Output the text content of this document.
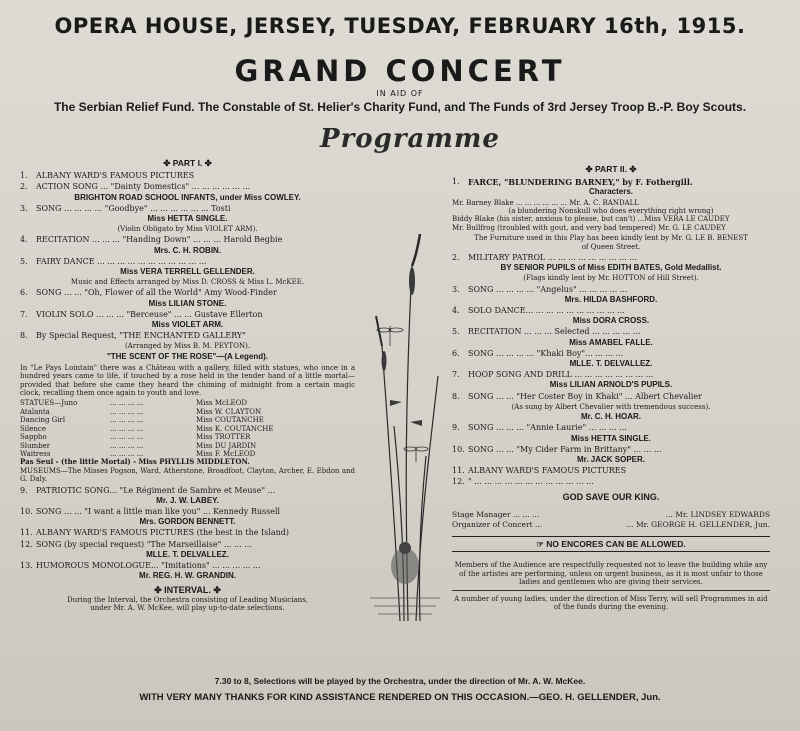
OPERA HOUSE, JERSEY, TUESDAY, FEBRUARY 16th, 1915.
GRAND CONCERT
IN AID OF
The Serbian Relief Fund. The Constable of St. Helier's Charity Fund, and The Funds of 3rd Jersey Troop B.-P. Boy Scouts.
Programme
✤ PART I. ✤
1.	ALBANY WARD'S FAMOUS PICTURES
2.	ACTION SONG ... "Dainty Domestics" ... ... ... ... ... ...
BRIGHTON ROAD SCHOOL INFANTS, under Miss COWLEY.
3.	SONG ... ... ... ... "Goodbye" ... ... ... ... ... ... Tosti
Miss HETTA SINGLE.
(Violin Obligato by Miss VIOLET ARM).
4.	RECITATION ... ... ... "Handing Down" ... ... ... Harold Begbie
Mrs. C. H. ROBIN.
5.	FAIRY DANCE ... ... ... ... ... ... ... ... ... ... ...
Miss VERA TERRELL GELLENDER.
Music and Effects arranged by Miss D. CROSS & Miss L. McKEE.
6.	SONG ... ... "Oh, Flower of all the World" Amy Wood-Finder
Miss LILIAN STONE.
7.	VIOLIN SOLO ... ... ... "Berceuse" ... ... Gustave Ellerton
Miss VIOLET ARM.
8.	By Special Request, "THE ENCHANTED GALLERY"
(Arranged by Miss B. M. PEYTON).
"THE SCENT OF THE ROSE"—(A Legend).
In "Le Pays Lointain" there was a Château with a gallery, filled with statues, who once in a hundred years came to life, if touched by a rose held in the tender hand of a little mortal—provided that before she came they heard the chiming of midnight from a certain magic clock, recalling them once again to youth and love.
STATUES—Juno	... ... ... ...	Miss McLEOD
Atalanta	... ... ... ...	Miss W. CLAYTON
Dancing Girl	... ... ... ...	Miss COUTANCHE
Silence	... ... ... ...	Miss K. COUTANCHE
Sappho	... ... ... ...	Miss TROTTER
Slumber	... ... ... ...	Miss DU JARDIN
Waitress	... ... ... ...	Miss F. McLEOD
Pas Seul - (the little Mortal) - Miss PHYLLIS MIDDLETON.
MUSEUMS—The Misses Pogson, Ward, Atherstone, Broadfoot, Clayton, Archer, E. Ebdon and G. Daly.
9.	PATRIOTIC SONG... "Le Régiment de Sambre et Meuse" ...
Mr. J. W. LABEY.
10. SONG ... ... "I want a little man like you" ... Kennedy Russell
Mrs. GORDON BENNETT.
11. ALBANY WARD'S FAMOUS PICTURES (the best in the Island)
12. SONG (by special request) "The Marseillaise" ... ... ...
MLLE. T. DELVALLEZ.
13. HUMOROUS MONOLOGUE... "Imitations" ... ... ... ... ...
Mr. REG. H. W. GRANDIN.
✤ INTERVAL. ✤
During the Interval, the Orchestra consisting of Leading Musicians,
under Mr. A. W. McKee, will play up-to-date selections.
✤ PART II. ✤
1.	FARCE, "BLUNDERING BARNEY," by F. Fothergill.
Characters.
Mr. Barney Blake ... ... ... ... ... ... Mr. A. C. RANDALL
(a blundering Nonskull who does everything right wrong)
Biddy Blake (his sister, anxious to please, but can't) ...Miss VERA LE CAUDEY
Mr. Bullfrog (troubled with gout, and very bad tempered) Mr. G. LE CAUDEY
The Furniture used in this Play has been kindly lent by Mr. G. LE B. BENEST of Queen Street.
2.	MILITARY PATROL ... ... ... ... ... ... ... ... ...
BY SENIOR PUPILS of Miss EDITH BATES, Gold Medallist.
(Flags kindly lent by Mr. HOTTON of Hill Street).
3.	SONG ... ... ... ... "Angelus" ... ... ... ... ...
Mrs. HILDA BASHFORD.
4.	SOLO DANCE... ... ... ... ... ... ... ... ... ...
Miss DORA CROSS.
5.	RECITATION ... ... ... Selected ... ... ... ... ...
Miss AMABEL FALLE.
6.	SONG ... ... ... ... "Khaki Boy"... ... ... ...
MLLE. T. DELVALLEZ.
7.	HOOP SONG AND DRILL ... ... ... ... ... ... ... ...
Miss LILIAN ARNOLD'S PUPILS.
8.	SONG ... ... "Her Coster Boy in Khaki" ... Albert Chevalier
(As sung by Albert Chevalier with tremendous success).
Mr. C. H. HOAR.
9.	SONG ... ... ... "Annie Laurie" ... ... ... ...
Miss HETTA SINGLE.
10. SONG ... ... "My Cider Farm in Brittany" ... ... ...
Mr. JACK SOPER.
11. ALBANY WARD'S FAMOUS PICTURES
12. " ... ... ... ... ... ... ... ... ... ... ... ...
GOD SAVE OUR KING.
Stage Manager ... ... ...	... Mr. LINDSEY EDWARDS
Organizer of Concert ...	... Mr. GEORGE H. GELLENDER, Jun.
☞ NO ENCORES CAN BE ALLOWED.
Members of the Audience are respectfully requested not to leave the building while any of the artistes are performing, unless on urgent business, as it is most unfair to those ladies and gentlemen who are giving their services.
A number of young ladies, under the direction of Miss Terry, will sell Programmes in aid of the funds during the evening.
7.30 to 8, Selections will be played by the Orchestra, under the direction of Mr. A. W. McKee.
WITH VERY MANY THANKS FOR KIND ASSISTANCE RENDERED ON THIS OCCASION.—GEO. H. GELLENDER, Jun.
